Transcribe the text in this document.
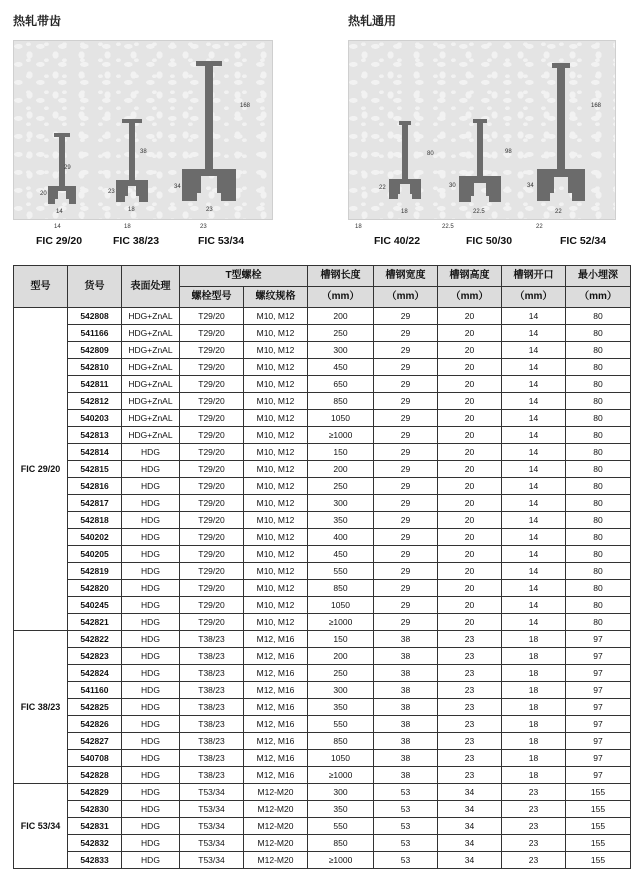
热轧带齿
29
20
14
38
23
18
168
34
23
14	18	23
FIC 29/20	FIC 38/23	FIC 53/34
热轧通用
80
22
18
98
30
22.5
168
34
22
18	22.5	22
FIC 40/22	FIC 50/30	FIC 52/34
型号	货号	表面处理	T型螺栓		槽钢长度	槽钢宽度	槽钢高度	槽钢开口	最小埋深
			螺栓型号	螺纹规格	（mm）	（mm）	（mm）	（mm）	（mm）
FIC 29/20	542808	HDG+ZnAL	T29/20	M10, M12	200	29	20	14	80
	541166	HDG+ZnAL	T29/20	M10, M12	250	29	20	14	80
	542809	HDG+ZnAL	T29/20	M10, M12	300	29	20	14	80
	542810	HDG+ZnAL	T29/20	M10, M12	450	29	20	14	80
	542811	HDG+ZnAL	T29/20	M10, M12	650	29	20	14	80
	542812	HDG+ZnAL	T29/20	M10, M12	850	29	20	14	80
	540203	HDG+ZnAL	T29/20	M10, M12	1050	29	20	14	80
	542813	HDG+ZnAL	T29/20	M10, M12	≥1000	29	20	14	80
	542814	HDG	T29/20	M10, M12	150	29	20	14	80
	542815	HDG	T29/20	M10, M12	200	29	20	14	80
	542816	HDG	T29/20	M10, M12	250	29	20	14	80
	542817	HDG	T29/20	M10, M12	300	29	20	14	80
	542818	HDG	T29/20	M10, M12	350	29	20	14	80
	540202	HDG	T29/20	M10, M12	400	29	20	14	80
	540205	HDG	T29/20	M10, M12	450	29	20	14	80
	542819	HDG	T29/20	M10, M12	550	29	20	14	80
	542820	HDG	T29/20	M10, M12	850	29	20	14	80
	540245	HDG	T29/20	M10, M12	1050	29	20	14	80
	542821	HDG	T29/20	M10, M12	≥1000	29	20	14	80
FIC 38/23	542822	HDG	T38/23	M12, M16	150	38	23	18	97
	542823	HDG	T38/23	M12, M16	200	38	23	18	97
	542824	HDG	T38/23	M12, M16	250	38	23	18	97
	541160	HDG	T38/23	M12, M16	300	38	23	18	97
	542825	HDG	T38/23	M12, M16	350	38	23	18	97
	542826	HDG	T38/23	M12, M16	550	38	23	18	97
	542827	HDG	T38/23	M12, M16	850	38	23	18	97
	540708	HDG	T38/23	M12, M16	1050	38	23	18	97
	542828	HDG	T38/23	M12, M16	≥1000	38	23	18	97
FIC 53/34	542829	HDG	T53/34	M12-M20	300	53	34	23	155
	542830	HDG	T53/34	M12-M20	350	53	34	23	155
	542831	HDG	T53/34	M12-M20	550	53	34	23	155
	542832	HDG	T53/34	M12-M20	850	53	34	23	155
	542833	HDG	T53/34	M12-M20	≥1000	53	34	23	155
